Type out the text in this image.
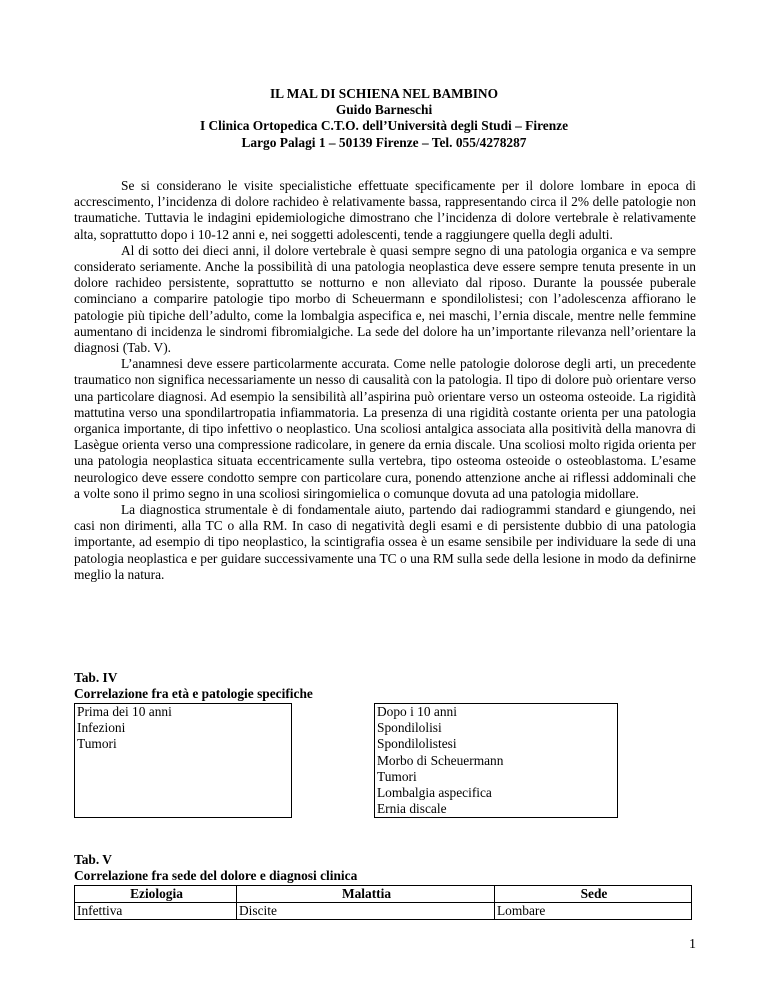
IL MAL DI SCHIENA NEL BAMBINO
Guido Barneschi
I Clinica Ortopedica C.T.O. dell’Università degli Studi – Firenze
Largo Palagi 1 – 50139 Firenze – Tel. 055/4278287

Se si considerano le visite specialistiche effettuate specificamente per il dolore lombare in epoca di accrescimento, l’incidenza di dolore rachideo è relativamente bassa, rappresentando circa il 2% delle patologie non traumatiche. Tuttavia le indagini epidemiologiche dimostrano che l’incidenza di dolore vertebrale è relativamente alta, soprattutto dopo i 10-12 anni e, nei soggetti adolescenti, tende a raggiungere quella degli adulti.

Al di sotto dei dieci anni, il dolore vertebrale è quasi sempre segno di una patologia organica e va sempre considerato seriamente. Anche la possibilità di una patologia neoplastica deve essere sempre tenuta presente in un dolore rachideo persistente, soprattutto se notturno e non alleviato dal riposo. Durante la poussée puberale cominciano a comparire patologie tipo morbo di Scheuermann e spondilolistesi; con l’adolescenza affiorano le patologie più tipiche dell’adulto, come la lombalgia aspecifica e, nei maschi, l’ernia discale, mentre nelle femmine aumentano di incidenza le sindromi fibromialgiche. La sede del dolore ha un’importante rilevanza nell’orientare la diagnosi (Tab. V).

L’anamnesi deve essere particolarmente accurata. Come nelle patologie dolorose degli arti, un precedente traumatico non significa necessariamente un nesso di causalità con la patologia. Il tipo di dolore può orientare verso una particolare diagnosi. Ad esempio la sensibilità all’aspirina può orientare verso un osteoma osteoide. La rigidità mattutina verso una spondilartropatia infiammatoria. La presenza di una rigidità costante orienta per una patologia organica importante, di tipo infettivo o neoplastico. Una scoliosi antalgica associata alla positività della manovra di Lasègue orienta verso una compressione radicolare, in genere da ernia discale. Una scoliosi molto rigida orienta per una patologia neoplastica situata eccentricamente sulla vertebra, tipo osteoma osteoide o osteoblastoma. L’esame neurologico deve essere condotto sempre con particolare cura, ponendo attenzione anche ai riflessi addominali che a volte sono il primo segno in una scoliosi siringomielica o comunque dovuta ad una patologia midollare.

La diagnostica strumentale è di fondamentale aiuto, partendo dai radiogrammi standard e giungendo, nei casi non dirimenti, alla TC o alla RM. In caso di negatività degli esami e di persistente dubbio di una patologia importante, ad esempio di tipo neoplastico, la scintigrafia ossea è un esame sensibile per individuare la sede di una patologia neoplastica e per guidare successivamente una TC o una RM sulla sede della lesione in modo da definirne meglio la natura.

Tab. IV
Correlazione fra età e patologie specifiche
Prima dei 10 anni
Infezioni
Tumori

Dopo i 10 anni
Spondilolisi
Spondilolistesi
Morbo di Scheuermann
Tumori
Lombalgia aspecifica
Ernia discale
Tab. V
Correlazione fra sede del dolore e diagnosi clinica
Eziologia	Malattia	Sede
Infettiva	Discite	Lombare
1
